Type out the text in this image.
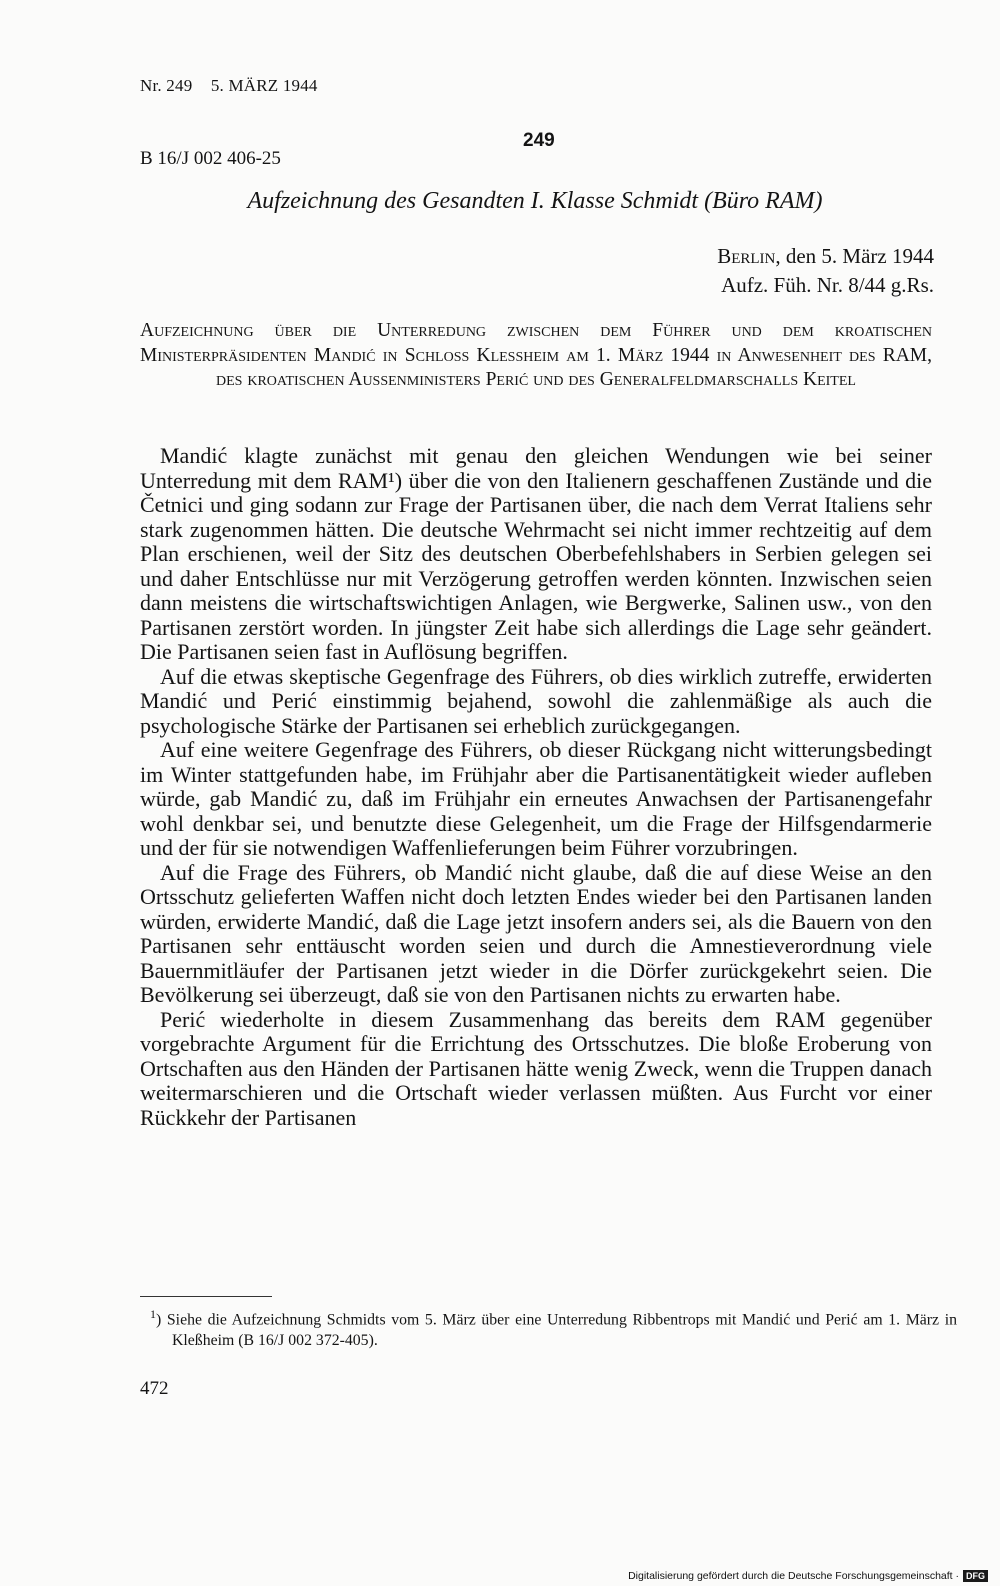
Nr. 249 5. MÄRZ 1944
249
B 16/J 002 406-25
Aufzeichnung des Gesandten I. Klasse Schmidt (Büro RAM)
Berlin, den 5. März 1944
Aufz. Füh. Nr. 8/44 g.Rs.

Aufzeichnung über die Unterredung zwischen dem Führer und dem kroatischen Ministerpräsidenten Mandić in Schloss Klessheim am 1. März 1944 in Anwesenheit des RAM, des kroatischen Aussenministers Perić und des Generalfeldmarschalls Keitel

Mandić klagte zunächst mit genau den gleichen Wendungen wie bei seiner Unterredung mit dem RAM¹) über die von den Italienern geschaffenen Zustände und die Četnici und ging sodann zur Frage der Partisanen über, die nach dem Verrat Italiens sehr stark zugenommen hätten. Die deutsche Wehrmacht sei nicht immer rechtzeitig auf dem Plan erschienen, weil der Sitz des deutschen Oberbefehlshabers in Serbien gelegen sei und daher Entschlüsse nur mit Verzögerung getroffen werden könnten. Inzwischen seien dann meistens die wirtschaftswichtigen Anlagen, wie Bergwerke, Salinen usw., von den Partisanen zerstört worden. In jüngster Zeit habe sich allerdings die Lage sehr geändert. Die Partisanen seien fast in Auflösung begriffen.

Auf die etwas skeptische Gegenfrage des Führers, ob dies wirklich zutreffe, erwiderten Mandić und Perić einstimmig bejahend, sowohl die zahlenmäßige als auch die psychologische Stärke der Partisanen sei erheblich zurückgegangen.

Auf eine weitere Gegenfrage des Führers, ob dieser Rückgang nicht witterungsbedingt im Winter stattgefunden habe, im Frühjahr aber die Partisanentätigkeit wieder aufleben würde, gab Mandić zu, daß im Frühjahr ein erneutes Anwachsen der Partisanengefahr wohl denkbar sei, und benutzte diese Gelegenheit, um die Frage der Hilfsgendarmerie und der für sie notwendigen Waffenlieferungen beim Führer vorzubringen.

Auf die Frage des Führers, ob Mandić nicht glaube, daß die auf diese Weise an den Ortsschutz gelieferten Waffen nicht doch letzten Endes wieder bei den Partisanen landen würden, erwiderte Mandić, daß die Lage jetzt insofern anders sei, als die Bauern von den Partisanen sehr enttäuscht worden seien und durch die Amnestieverordnung viele Bauernmitläufer der Partisanen jetzt wieder in die Dörfer zurückgekehrt seien. Die Bevölkerung sei überzeugt, daß sie von den Partisanen nichts zu erwarten habe.

Perić wiederholte in diesem Zusammenhang das bereits dem RAM gegenüber vorgebrachte Argument für die Errichtung des Ortsschutzes. Die bloße Eroberung von Ortschaften aus den Händen der Partisanen hätte wenig Zweck, wenn die Truppen danach weitermarschieren und die Ortschaft wieder verlassen müßten. Aus Furcht vor einer Rückkehr der Partisanen

$^1$) Siehe die Aufzeichnung Schmidts vom 5. März über eine Unterredung Ribbentrops mit Mandić und Perić am 1. März in Kleßheim (B 16/J 002 372-405).
472
Digitalisierung gefördert durch die Deutsche Forschungsgemeinschaft · DFG
